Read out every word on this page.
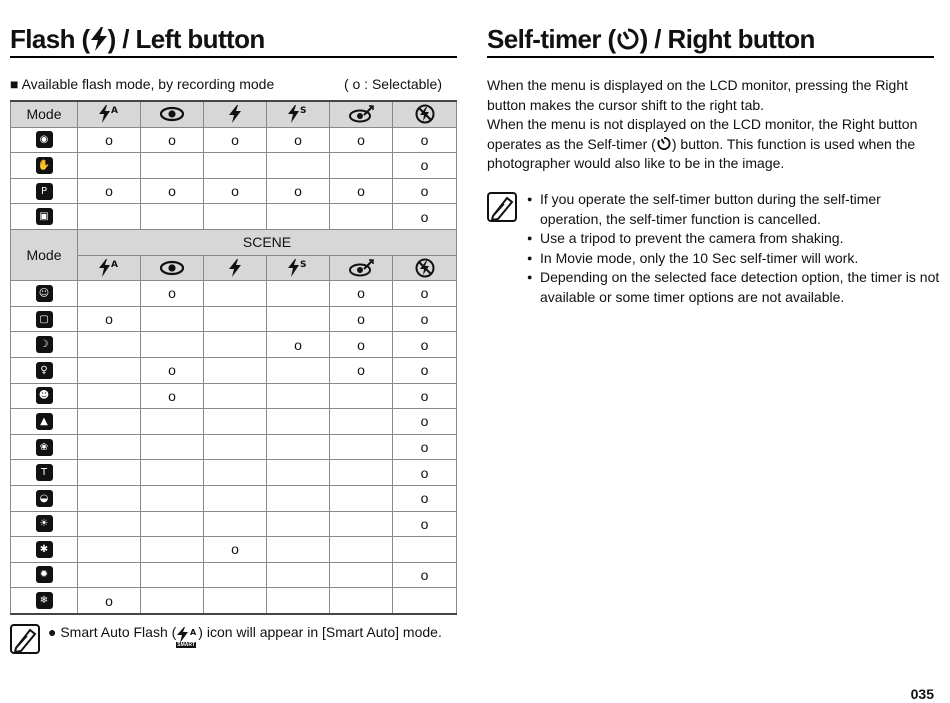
Flash ( ) / Left button	Self-timer ( ) / Right button
■ Available flash mode, by recording mode	( o : Selectable)
Mode	A			S

◉	o	o	o	o	o	o
✋						o
P	o	o	o	o	o	o
▣						o
Mode	SCENE					

A			S

☺		o			o	o
▢	o				o	o
☽				o	o	o
♀		o			o	o
☻		o				o
▲						o
❀						o
T						o
◒						o
☀						o
✱			o			
✹						o
❄	o					
● Smart Auto Flash ( A
SMART
) icon will appear in [Smart Auto] mode.

When the menu is displayed on the LCD monitor, pressing the Right button makes the cursor shift to the right tab.

When the menu is not displayed on the LCD monitor, the Right button operates as the Self-timer ( ) button. This function is used when the photographer would also like to be in the image.

● If you operate the self-timer button during the self-timer operation, the self-timer function is cancelled.
● Use a tripod to prevent the camera from shaking.
● In Movie mode, only the 10 Sec self-timer will work.
● Depending on the selected face detection option, the timer is not available or some timer options are not available.
035
